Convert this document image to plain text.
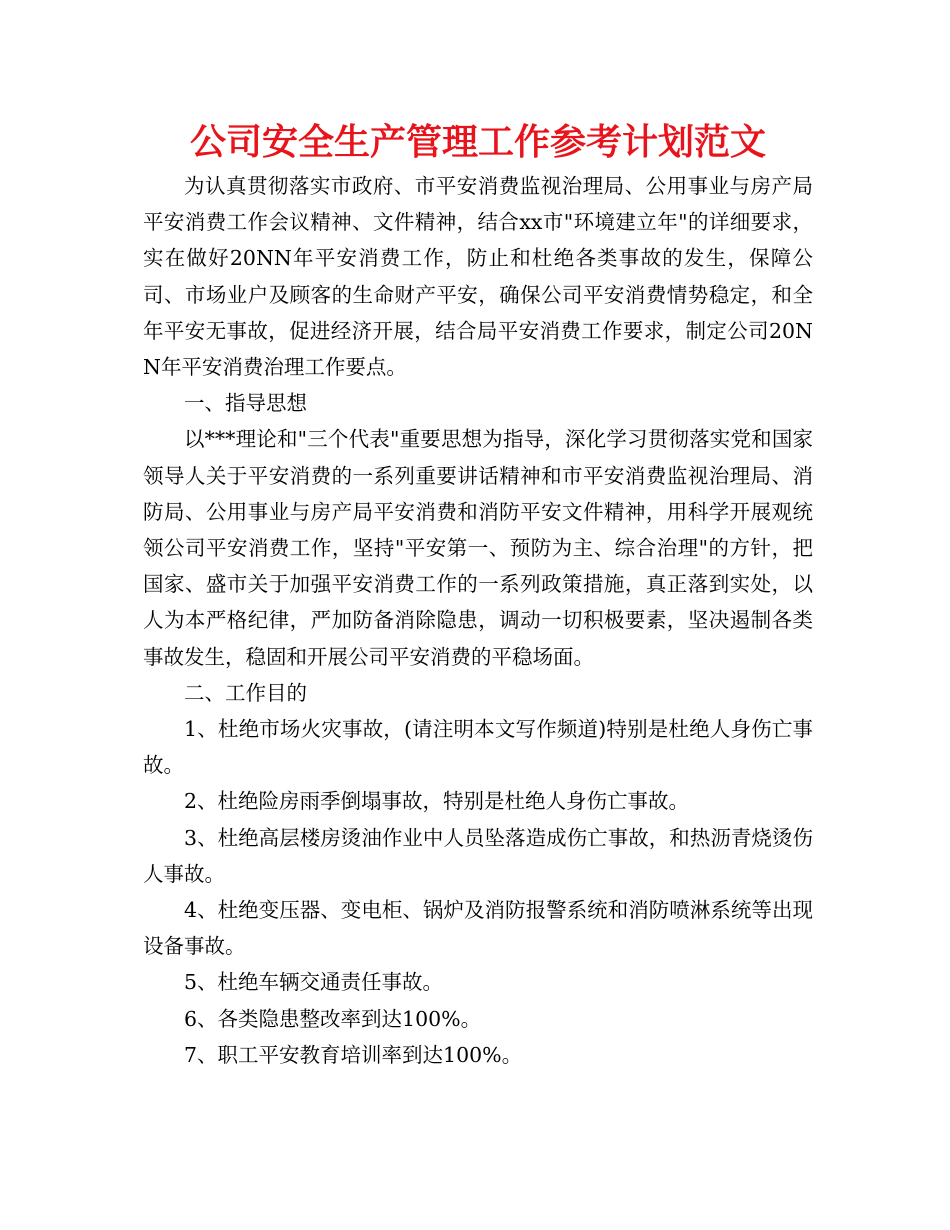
公司安全生产管理工作参考计划范文

为认真贯彻落实市政府、市平安消费监视治理局、公用事业与房产局平安消费工作会议精神、文件精神，结合xx市"环境建立年"的详细要求，实在做好20NN年平安消费工作，防止和杜绝各类事故的发生，保障公司、市场业户及顾客的生命财产平安，确保公司平安消费情势稳定，和全年平安无事故，促进经济开展，结合局平安消费工作要求，制定公司20NN年平安消费治理工作要点。

一、指导思想

以***理论和"三个代表"重要思想为指导，深化学习贯彻落实党和国家领导人关于平安消费的一系列重要讲话精神和市平安消费监视治理局、消防局、公用事业与房产局平安消费和消防平安文件精神，用科学开展观统领公司平安消费工作，坚持"平安第一、预防为主、综合治理"的方针，把国家、盛市关于加强平安消费工作的一系列政策措施，真正落到实处，以人为本严格纪律，严加防备消除隐患，调动一切积极要素，坚决遏制各类事故发生，稳固和开展公司平安消费的平稳场面。

二、工作目的

1、杜绝市场火灾事故，(请注明本文写作频道)特别是杜绝人身伤亡事故。

2、杜绝险房雨季倒塌事故，特别是杜绝人身伤亡事故。

3、杜绝高层楼房烫油作业中人员坠落造成伤亡事故，和热沥青烧烫伤人事故。

4、杜绝变压器、变电柜、锅炉及消防报警系统和消防喷淋系统等出现设备事故。

5、杜绝车辆交通责任事故。

6、各类隐患整改率到达100%。

7、职工平安教育培训率到达100%。
